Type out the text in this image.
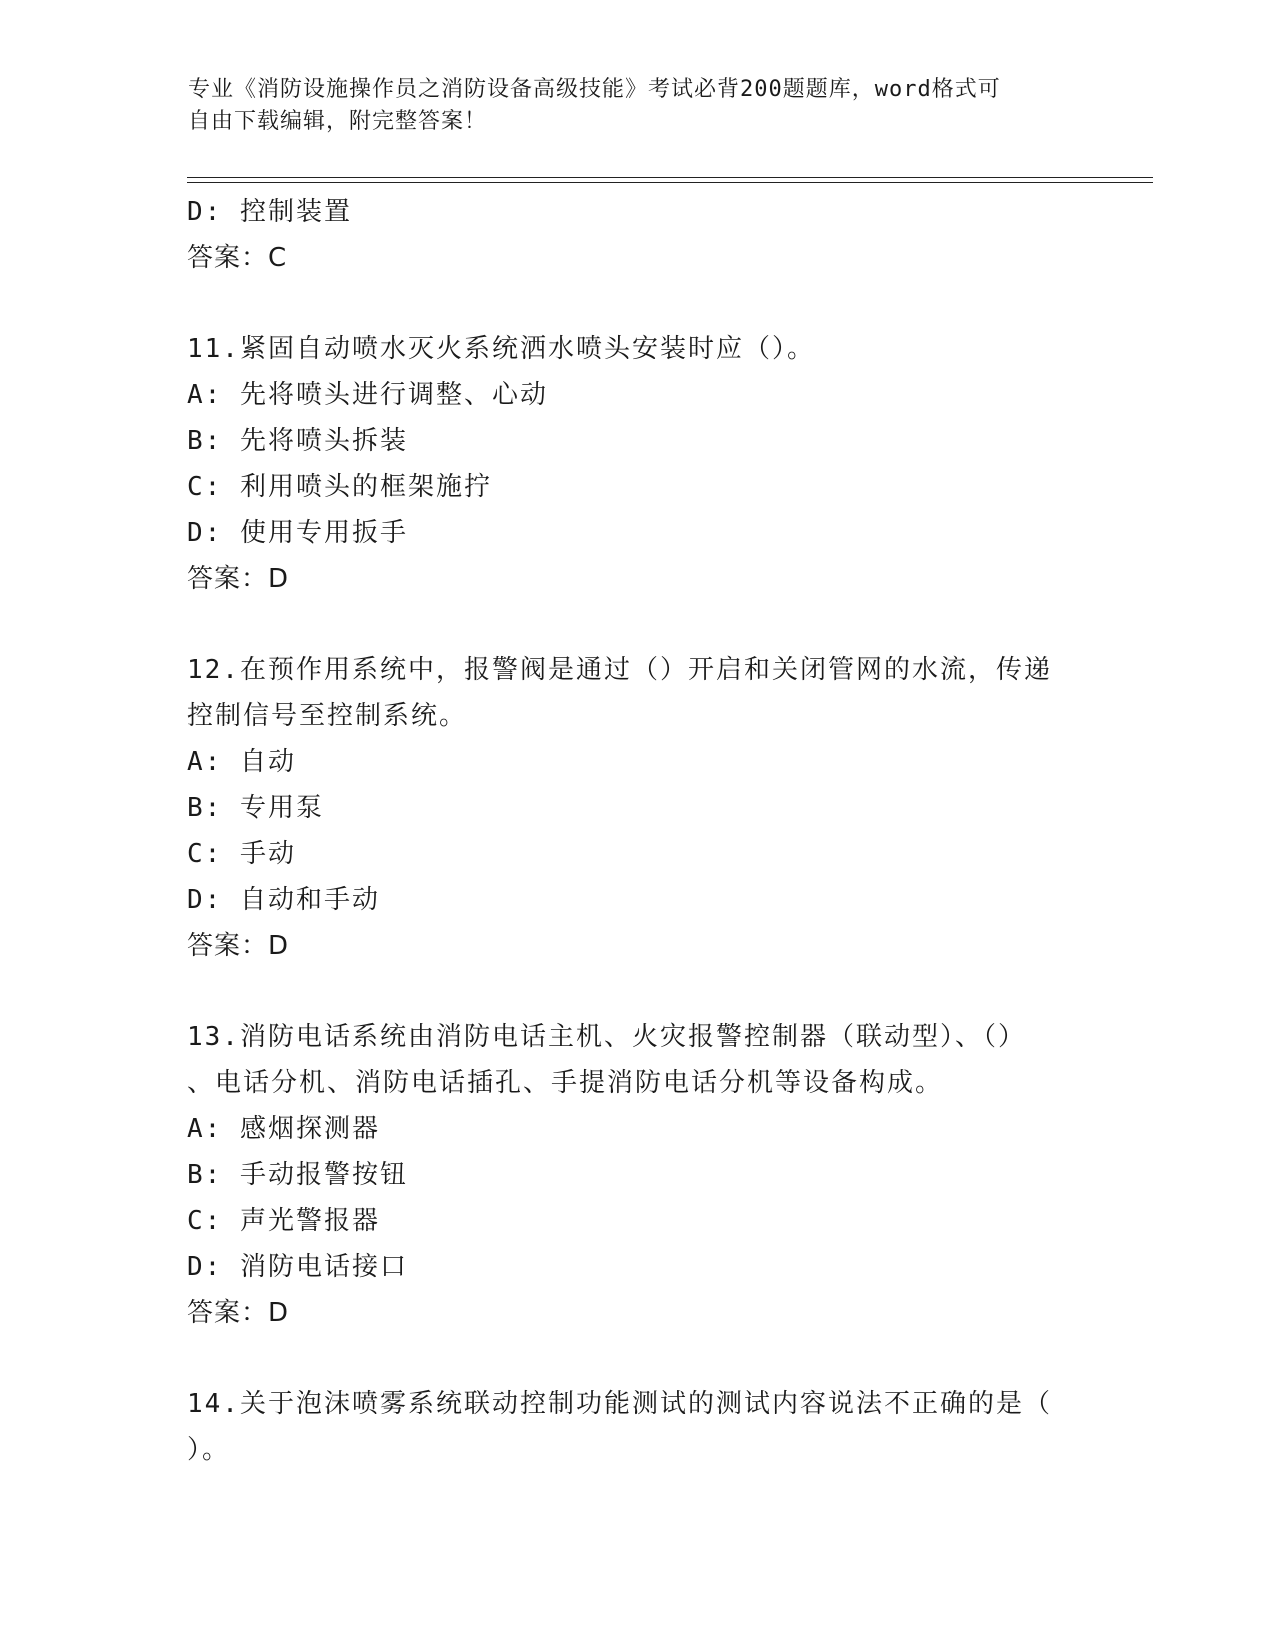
专业《消防设施操作员之消防设备高级技能》考试必背200题题库，word格式可
自由下载编辑，附完整答案！
D: 控制装置
答案：C
11.紧固自动喷水灭火系统洒水喷头安装时应（）。
A: 先将喷头进行调整、心动
B: 先将喷头拆装
C: 利用喷头的框架施拧
D: 使用专用扳手
答案：D
12.在预作用系统中，报警阀是通过（）开启和关闭管网的水流，传递
控制信号至控制系统。
A: 自动
B: 专用泵
C: 手动
D: 自动和手动
答案：D
13.消防电话系统由消防电话主机、火灾报警控制器（联动型）、（）
、电话分机、消防电话插孔、手提消防电话分机等设备构成。
A: 感烟探测器
B: 手动报警按钮
C: 声光警报器
D: 消防电话接口
答案：D
14.关于泡沫喷雾系统联动控制功能测试的测试内容说法不正确的是（
）。
